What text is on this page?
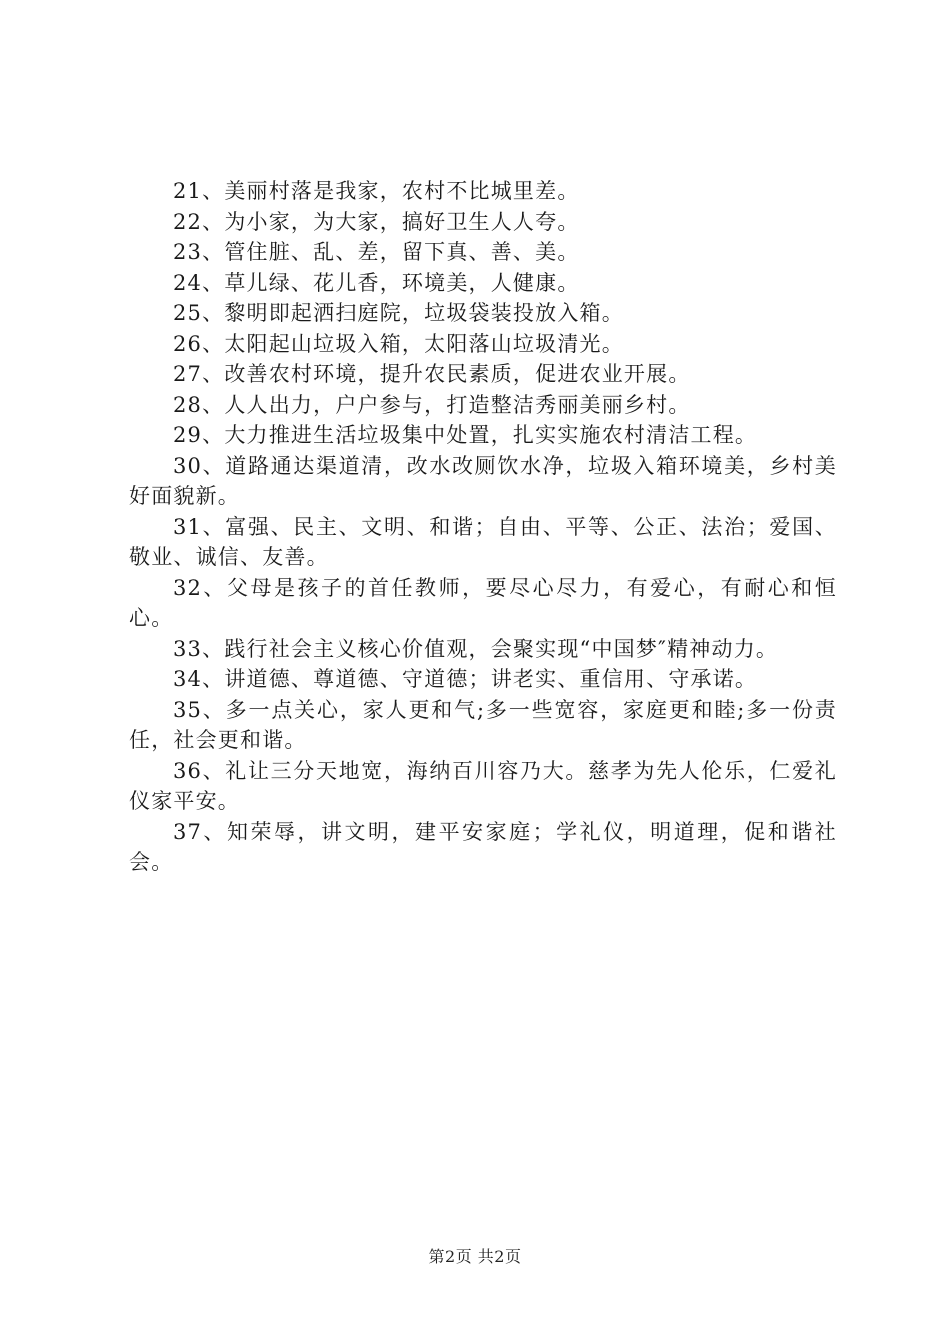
21、美丽村落是我家，农村不比城里差。

22、为小家，为大家，搞好卫生人人夸。

23、管住脏、乱、差，留下真、善、美。

24、草儿绿、花儿香，环境美，人健康。

25、黎明即起洒扫庭院，垃圾袋装投放入箱。

26、太阳起山垃圾入箱，太阳落山垃圾清光。

27、改善农村环境，提升农民素质，促进农业开展。

28、人人出力，户户参与，打造整洁秀丽美丽乡村。

29、大力推进生活垃圾集中处置，扎实实施农村清洁工程。

30、道路通达渠道清，改水改厕饮水净，垃圾入箱环境美，乡村美好面貌新。

31、富强、民主、文明、和谐；自由、平等、公正、法治；爱国、敬业、诚信、友善。

32、父母是孩子的首任教师，要尽心尽力，有爱心，有耐心和恒心。

33、践行社会主义核心价值观，会聚实现“中国梦″精神动力。

34、讲道德、尊道德、守道德；讲老实、重信用、守承诺。

35、多一点关心，家人更和气;多一些宽容，家庭更和睦;多一份责任，社会更和谐。

36、礼让三分天地宽，海纳百川容乃大。慈孝为先人伦乐，仁爱礼仪家平安。

37、知荣辱，讲文明，建平安家庭；学礼仪，明道理，促和谐社会。

第2页 共2页
